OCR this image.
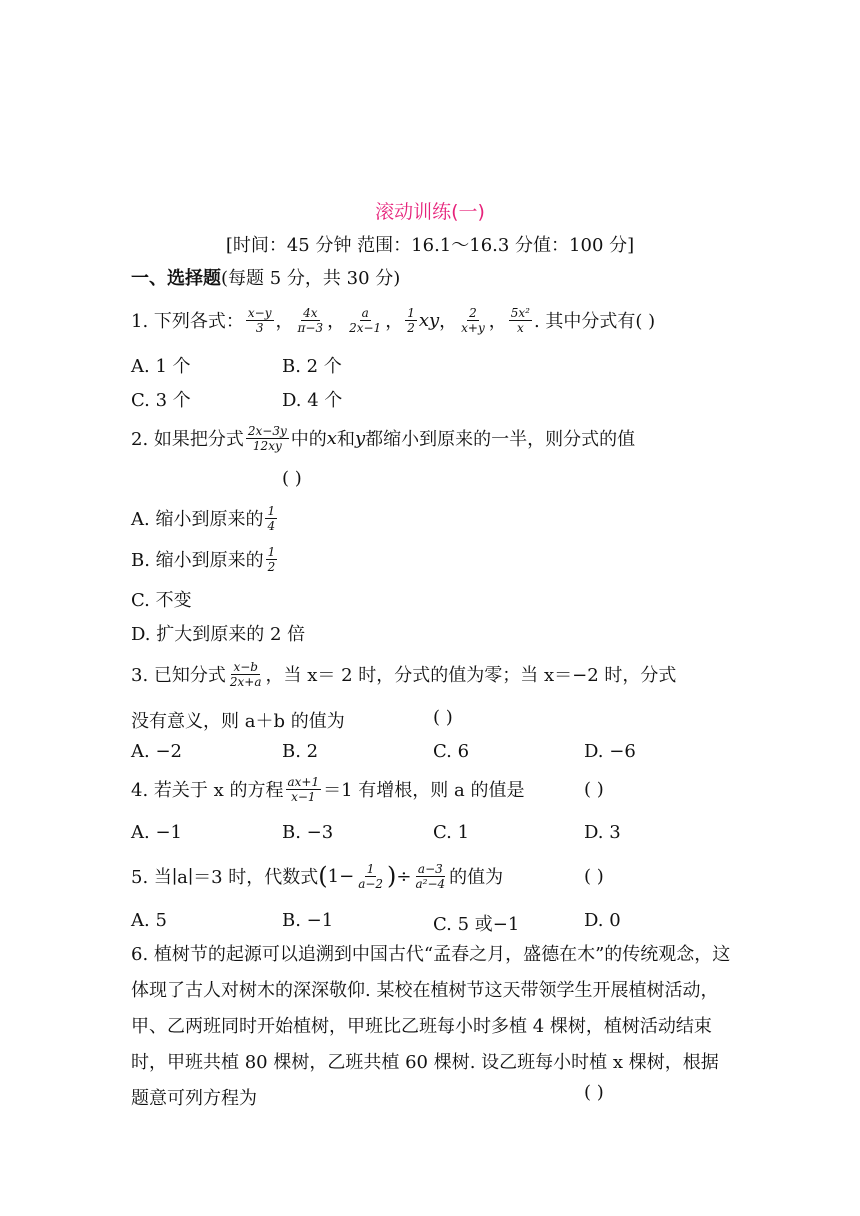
滚动训练(一)
[时间：45 分钟 范围：16.1～16.3 分值：100 分]
一、选择题(每题 5 分，共 30 分)
1. 下列各式： $\frac{x-y}{3}$ ， $\frac{4x}{\pi-3}$ ， $\frac{a}{2x-1}$ ， $\frac{1}{2}$ xy ， $\frac{2}{x+y}$ ， $\frac{\text{5x²}}{x}$ . 其中分式有( )
A. 1 个	B. 2 个
C. 3 个	D. 4 个
2. 如果把分式 $\frac{2x-3y}{12xy}$ 中的 x 和 y 都缩小到原来的一半，则分式的值
( )
A. 缩小到原来的 $\frac{1}{4}$
B. 缩小到原来的 $\frac{1}{2}$
C. 不变
D. 扩大到原来的 2 倍
3. 已知分式 $\frac{x-b}{2x+a}$ ，当 x＝ 2 时，分式的值为零；当 x＝−2 时，分式
没有意义，则 a＋b 的值为	( )
A. −2	B. 2	C. 6	D. −6
4. 若关于 x 的方程 $\frac{ax+1}{x-1} =1$ 有增根，则 a 的值是	( )
A. −1	B. −3	C. 1	D. 3
5. 当∣a∣＝3 时，代数式 ( $1- \frac{1}{a-2}$ ) ÷ $\frac{a-3}{\text{a²−4}}$ 的值为	( )
A. 5	B. −1	C. 5 或−1	D. 0
6. 植树节的起源可以追溯到中国古代“孟春之月，盛德在木”的传统观念，这体现了古人对树木的深深敬仰. 某校在植树节这天带领学生开展植树活动，甲、乙两班同时开始植树，甲班比乙班每小时多植 4 棵树，植树活动结束时，甲班共植 80 棵树，乙班共植 60 棵树. 设乙班每小时植 x 棵树，根据题意可列方程为	( )
